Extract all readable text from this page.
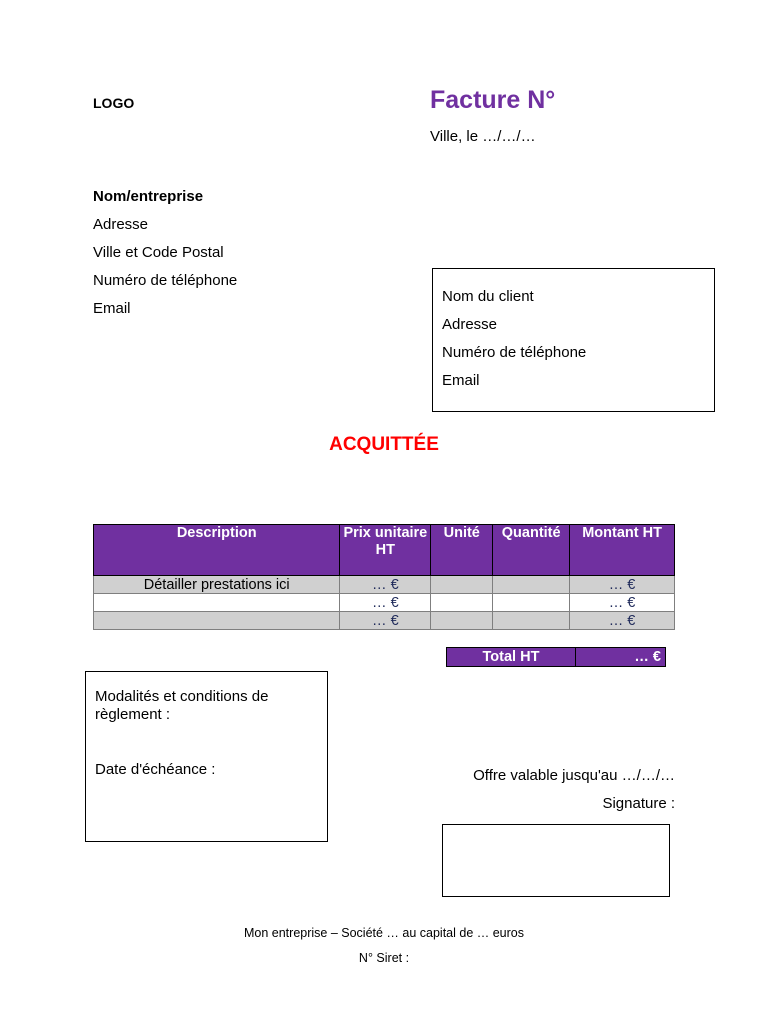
LOGO	Facture N°
Ville, le …/…/…
Nom/entreprise
Adresse
Ville et Code Postal
Numéro de téléphone
Email
Nom du client
Adresse
Numéro de téléphone
Email
ACQUITTÉE
Description	Prix unitaire HT	Unité	Quantité	Montant HT
Détailler prestations ici	… €			… €
	… €			… €
	… €			… €
Total HT	… €
Modalités et conditions de règlement :
Date d'échéance :	Offre valable jusqu'au …/…/…
Signature :
Mon entreprise – Société … au capital de … euros
N° Siret :
